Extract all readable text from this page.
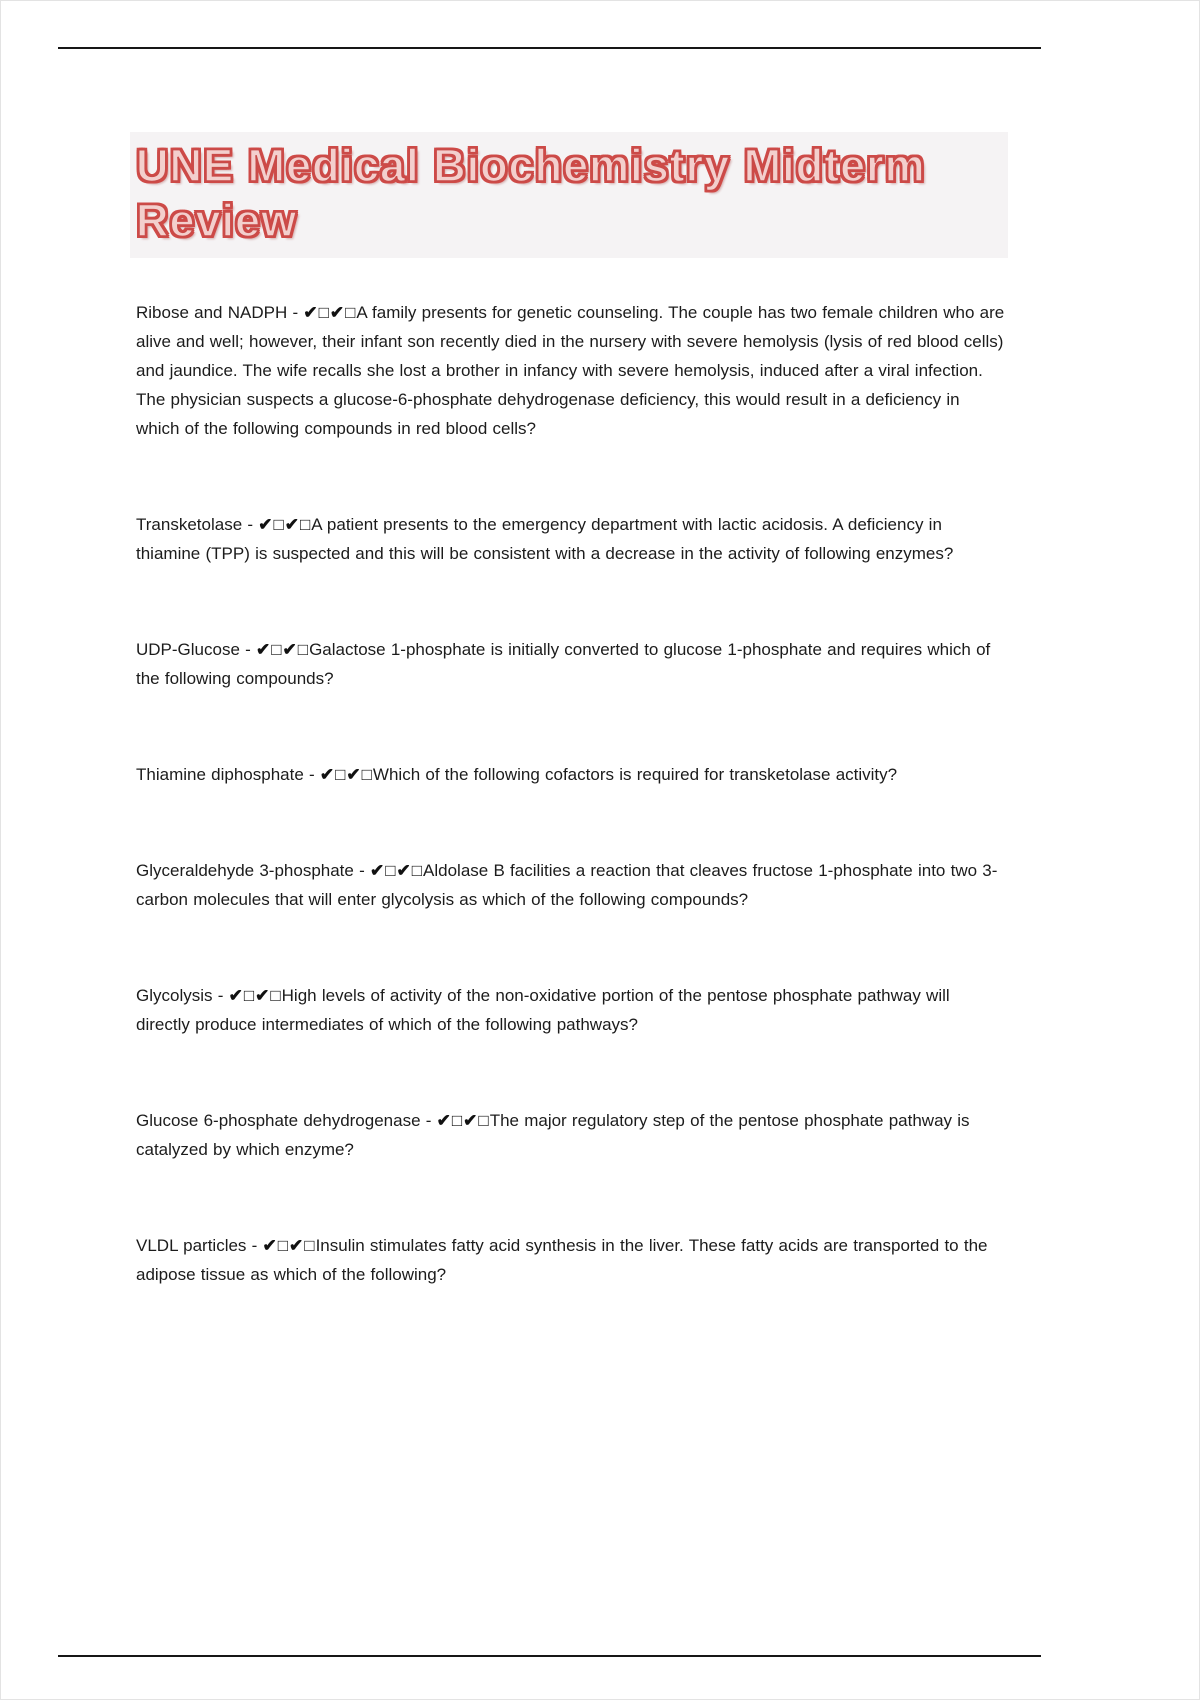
UNE Medical Biochemistry Midterm
Review

Ribose and NADPH - ✔□✔□A family presents for genetic counseling. The couple has two female children who are alive and well; however, their infant son recently died in the nursery with severe hemolysis (lysis of red blood cells) and jaundice. The wife recalls she lost a brother in infancy with severe hemolysis, induced after a viral infection. The physician suspects a glucose-6-phosphate dehydrogenase deficiency, this would result in a deficiency in which of the following compounds in red blood cells?

Transketolase - ✔□✔□A patient presents to the emergency department with lactic acidosis. A deficiency in thiamine (TPP) is suspected and this will be consistent with a decrease in the activity of following enzymes?

UDP-Glucose - ✔□✔□Galactose 1-phosphate is initially converted to glucose 1-phosphate and requires which of the following compounds?

Thiamine diphosphate - ✔□✔□Which of the following cofactors is required for transketolase activity?

Glyceraldehyde 3-phosphate - ✔□✔□Aldolase B facilities a reaction that cleaves fructose 1-phosphate into two 3-carbon molecules that will enter glycolysis as which of the following compounds?

Glycolysis - ✔□✔□High levels of activity of the non-oxidative portion of the pentose phosphate pathway will directly produce intermediates of which of the following pathways?

Glucose 6-phosphate dehydrogenase - ✔□✔□The major regulatory step of the pentose phosphate pathway is catalyzed by which enzyme?

VLDL particles - ✔□✔□Insulin stimulates fatty acid synthesis in the liver. These fatty acids are transported to the adipose tissue as which of the following?
